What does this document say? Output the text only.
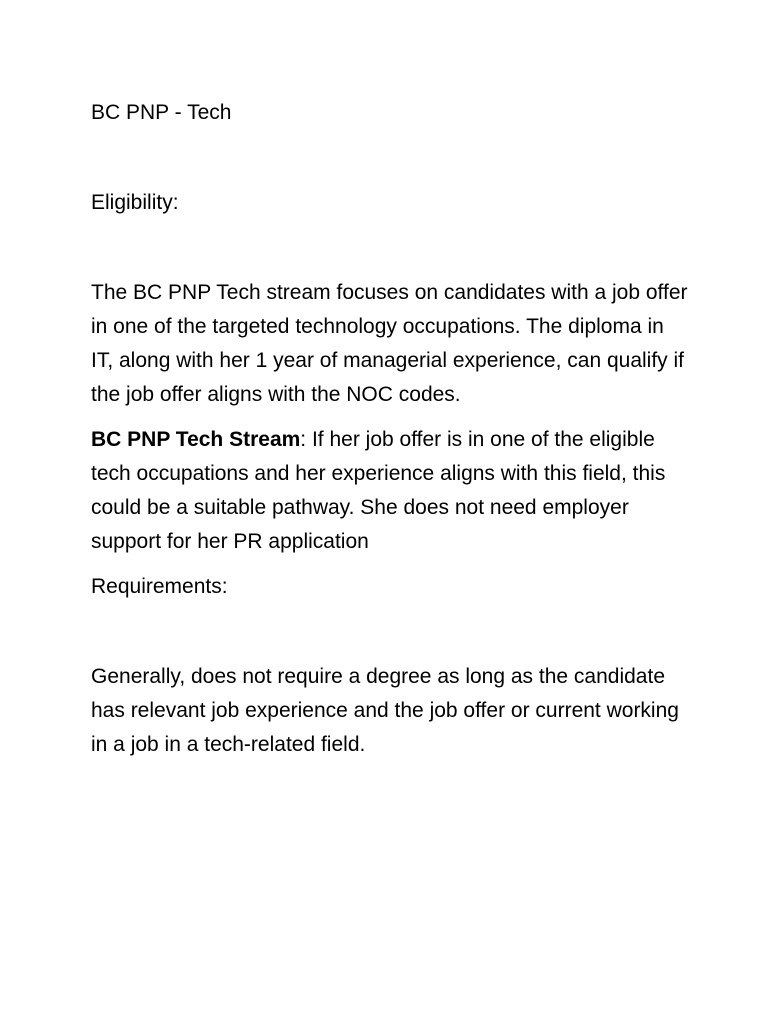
BC PNP - Tech

Eligibility:

The BC PNP Tech stream focuses on candidates with a job offer in one of the targeted technology occupations. The diploma in IT, along with her 1 year of managerial experience, can qualify if the job offer aligns with the NOC codes.

BC PNP Tech Stream: If her job offer is in one of the eligible tech occupations and her experience aligns with this field, this could be a suitable pathway. She does not need employer support for her PR application

Requirements:

Generally, does not require a degree as long as the candidate has relevant job experience and the job offer or current working in a job in a tech-related field.
